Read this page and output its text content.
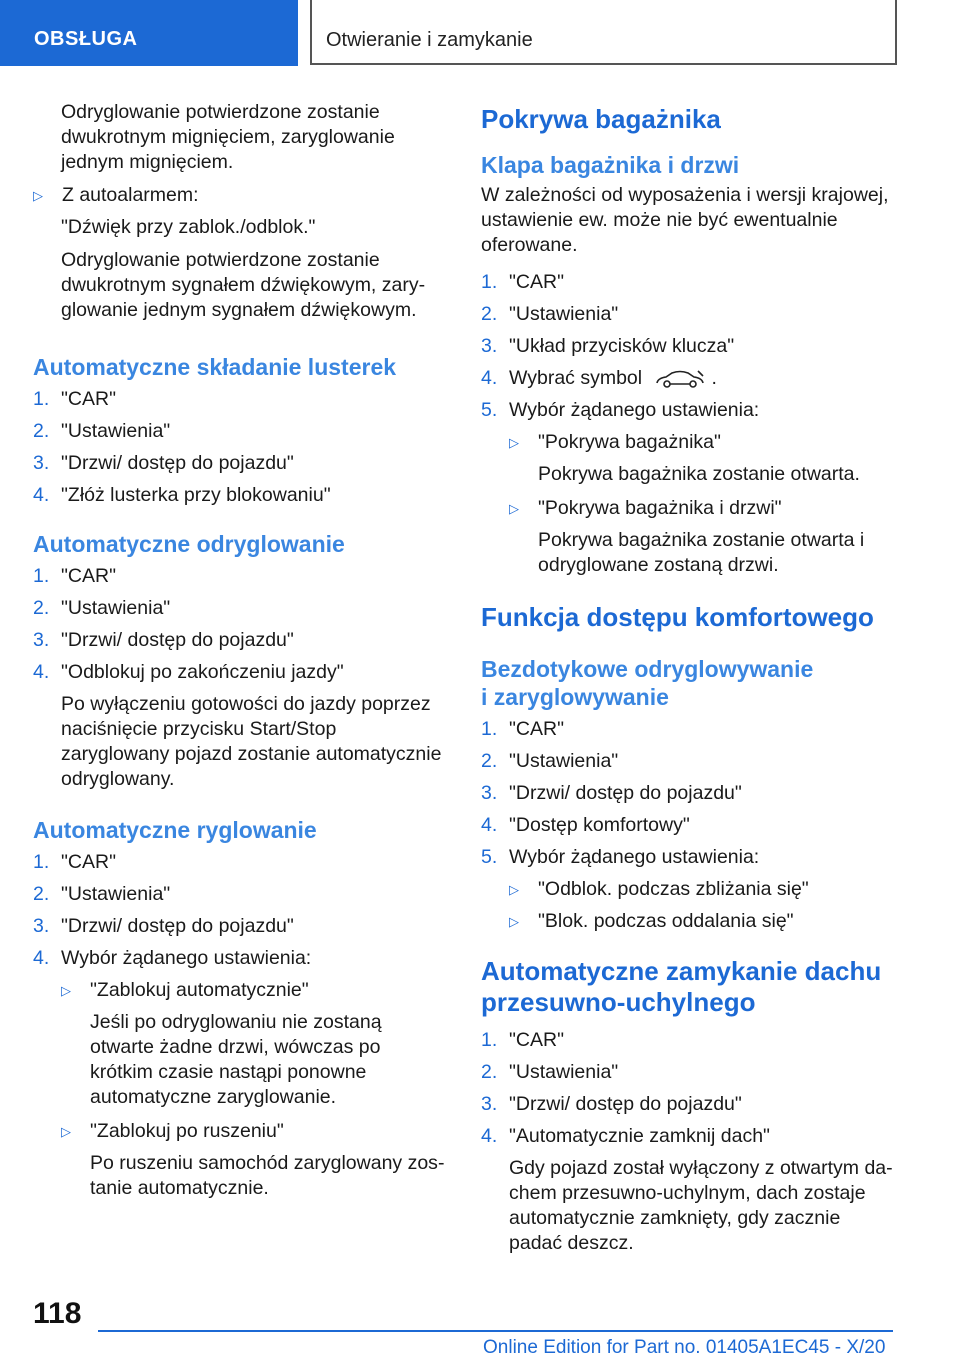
OBSŁUGA	Otwieranie i zamykanie

Odryglowanie potwierdzone zostanie dwukrotnym mignięciem, zaryglowanie jednym mignięciem.

▷ Z autoalarmem:

"Dźwięk przy zablok./odblok."

Odryglowanie potwierdzone zostanie dwukrotnym sygnałem dźwiękowym, zaryglowanie jednym sygnałem dźwiękowym.

Automatyczne składanie lusterek
1. "CAR"
2. "Ustawienia"
3. "Drzwi/ dostęp do pojazdu"
4. "Złóż lusterka przy blokowaniu"
Automatyczne odryglowanie
1. "CAR"
2. "Ustawienia"
3. "Drzwi/ dostęp do pojazdu"
4. "Odblokuj po zakończeniu jazdy"

Po wyłączeniu gotowości do jazdy poprzez naciśnięcie przycisku Start/Stop zaryglowany pojazd zostanie automatycznie odryglowany.

Automatyczne ryglowanie
1. "CAR"
2. "Ustawienia"
3. "Drzwi/ dostęp do pojazdu"
4. Wybór żądanego ustawienia:
▷ "Zablokuj automatycznie"

Jeśli po odryglowaniu nie zostaną otwarte żadne drzwi, wówczas po krótkim czasie nastąpi ponowne automatyczne zaryglowanie.

▷ "Zablokuj po ruszeniu"

Po ruszeniu samochód zaryglowany zostanie automatycznie.

Pokrywa bagażnika
Klapa bagażnika i drzwi

W zależności od wyposażenia i wersji krajowej, ustawienie ew. może nie być ewentualnie oferowane.

1. "CAR"
2. "Ustawienia"
3. "Układ przycisków klucza"
4. Wybrać symbol	.
5. Wybór żądanego ustawienia:
▷ "Pokrywa bagażnika"

Pokrywa bagażnika zostanie otwarta.

▷ "Pokrywa bagażnika i drzwi"

Pokrywa bagażnika zostanie otwarta i odryglowane zostaną drzwi.

Funkcja dostępu komfortowego
Bezdotykowe odryglowywanie
i zaryglowywanie
1. "CAR"
2. "Ustawienia"
3. "Drzwi/ dostęp do pojazdu"
4. "Dostęp komfortowy"
5. Wybór żądanego ustawienia:
▷ "Odblok. podczas zbliżania się"
▷ "Blok. podczas oddalania się"
Automatyczne zamykanie dachu przesuwno-uchylnego
1. "CAR"
2. "Ustawienia"
3. "Drzwi/ dostęp do pojazdu"
4. "Automatycznie zamknij dach"

Gdy pojazd został wyłączony z otwartym dachem przesuwno-uchylnym, dach zostaje automatycznie zamknięty, gdy zacznie padać deszcz.

118
Online Edition for Part no. 01405A1EC45 - X/20
